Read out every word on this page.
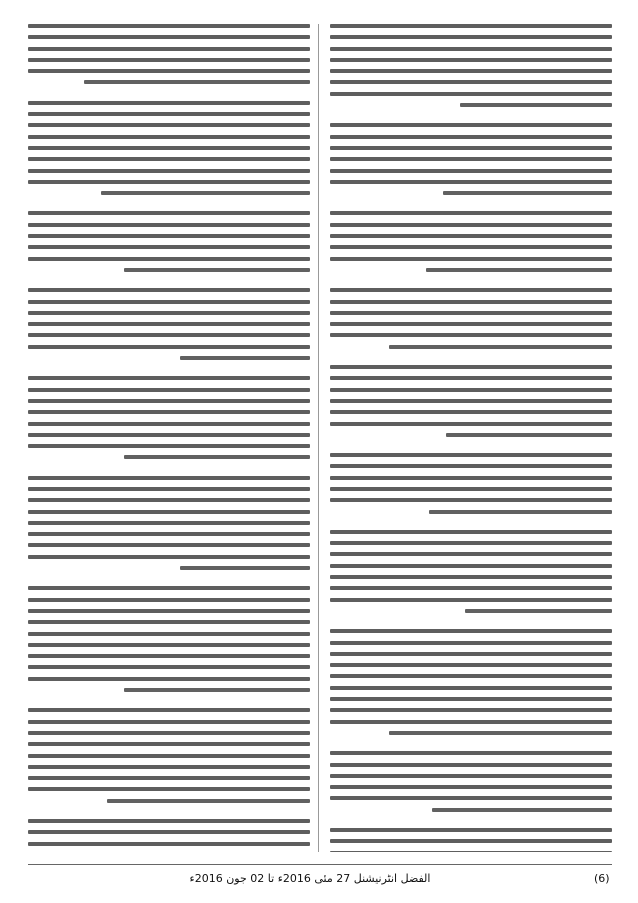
الفضل انٹرنیشنل 27 مئی 2016ء تا 02 جون 2016ء	(6)
